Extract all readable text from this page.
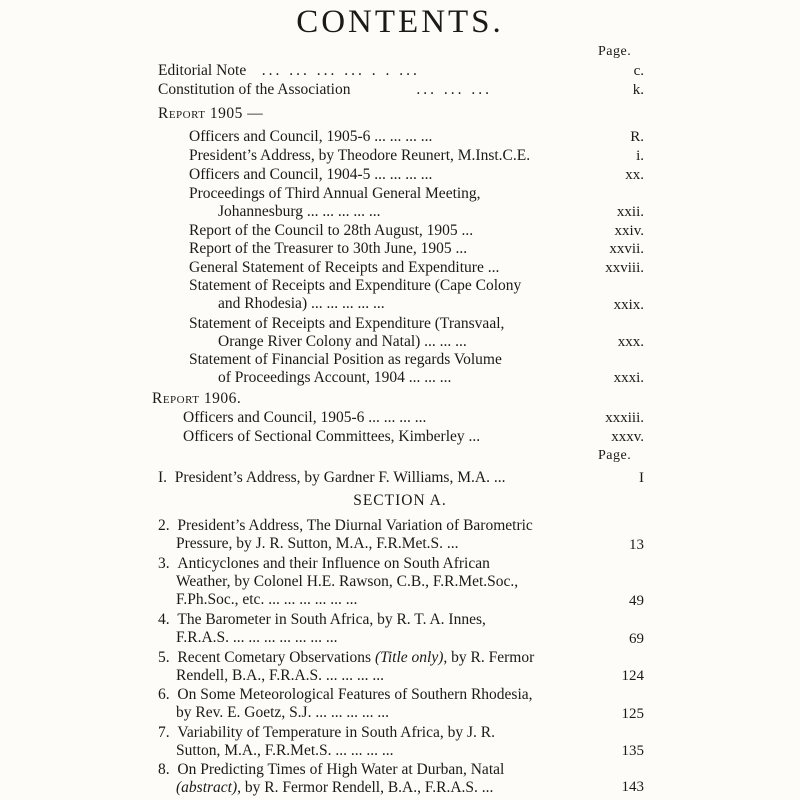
CONTENTS.
Page.
Editorial Note ... ... ... ... . . ...	c.
Constitution of the Association	... ... ...	k.
Report 1905 —
Officers and Council, 1905-6 ... ... ... ...	R.
President’s Address, by Theodore Reunert, M.Inst.C.E.	i.
Officers and Council, 1904-5 ... ... ... ...	xx.
Proceedings of Third Annual General Meeting,
Johannesburg ... ... ... ... ...	xxii.
Report of the Council to 28th August, 1905 ...	xxiv.
Report of the Treasurer to 30th June, 1905 ...	xxvii.
General Statement of Receipts and Expenditure ...	xxviii.
Statement of Receipts and Expenditure (Cape Colony
and Rhodesia) ... ... ... ... ...	xxix.
Statement of Receipts and Expenditure (Transvaal,
Orange River Colony and Natal) ... ... ...	xxx.
Statement of Financial Position as regards Volume
of Proceedings Account, 1904 ... ... ...	xxxi.
Report 1906.
Officers and Council, 1905-6 ... ... ... ...	xxxiii.
Officers of Sectional Committees, Kimberley ...	xxxv.
Page.
I. President’s Address, by Gardner F. Williams, M.A. ...	I
SECTION A.
2. President’s Address, The Diurnal Variation of Barometric
Pressure, by J. R. Sutton, M.A., F.R.Met.S. ...	13
3. Anticyclones and their Influence on South African
Weather, by Colonel H.E. Rawson, C.B., F.R.Met.Soc.,
F.Ph.Soc., etc. ... ... ... ... ... ...	49
4. The Barometer in South Africa, by R. T. A. Innes,
F.R.A.S. ... ... ... ... ... ... ...	69
5. Recent Cometary Observations (Title only), by R. Fermor
Rendell, B.A., F.R.A.S. ... ... ... ...	124
6. On Some Meteorological Features of Southern Rhodesia,
by Rev. E. Goetz, S.J. ... ... ... ... ...	125
7. Variability of Temperature in South Africa, by J. R.
Sutton, M.A., F.R.Met.S. ... ... ... ...	135
8. On Predicting Times of High Water at Durban, Natal
(abstract), by R. Fermor Rendell, B.A., F.R.A.S. ...	143
